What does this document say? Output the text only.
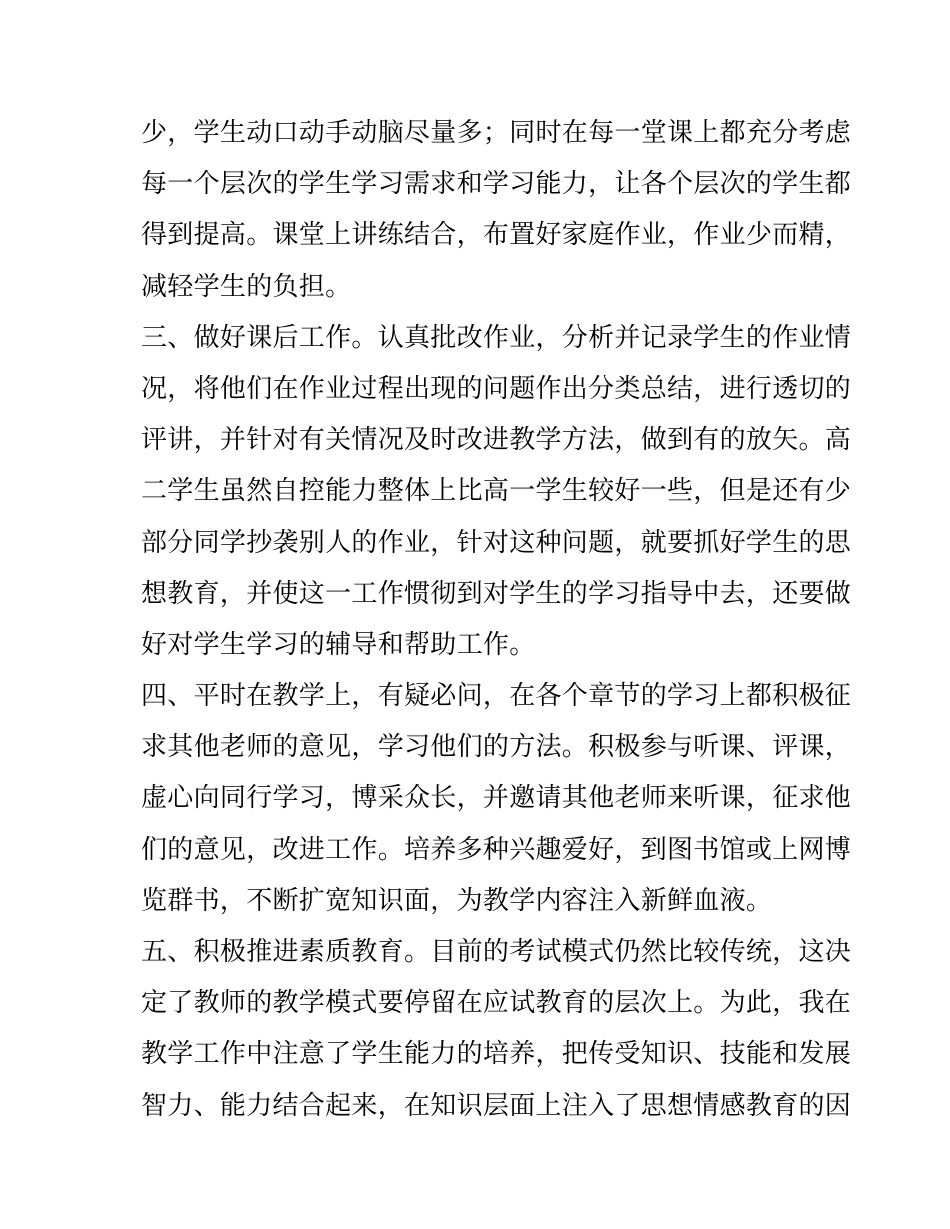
少，学生动口动手动脑尽量多；同时在每一堂课上都充分考虑
每一个层次的学生学习需求和学习能力，让各个层次的学生都
得到提高。课堂上讲练结合，布置好家庭作业，作业少而精，
减轻学生的负担。
三、做好课后工作。认真批改作业，分析并记录学生的作业情
况，将他们在作业过程出现的问题作出分类总结，进行透切的
评讲，并针对有关情况及时改进教学方法，做到有的放矢。高
二学生虽然自控能力整体上比高一学生较好一些，但是还有少
部分同学抄袭别人的作业，针对这种问题，就要抓好学生的思
想教育，并使这一工作惯彻到对学生的学习指导中去，还要做
好对学生学习的辅导和帮助工作。
四、平时在教学上，有疑必问，在各个章节的学习上都积极征
求其他老师的意见，学习他们的方法。积极参与听课、评课，
虚心向同行学习，博采众长，并邀请其他老师来听课，征求他
们的意见，改进工作。培养多种兴趣爱好，到图书馆或上网博
览群书，不断扩宽知识面，为教学内容注入新鲜血液。
五、积极推进素质教育。目前的考试模式仍然比较传统，这决
定了教师的教学模式要停留在应试教育的层次上。为此，我在
教学工作中注意了学生能力的培养，把传受知识、技能和发展
智力、能力结合起来，在知识层面上注入了思想情感教育的因
